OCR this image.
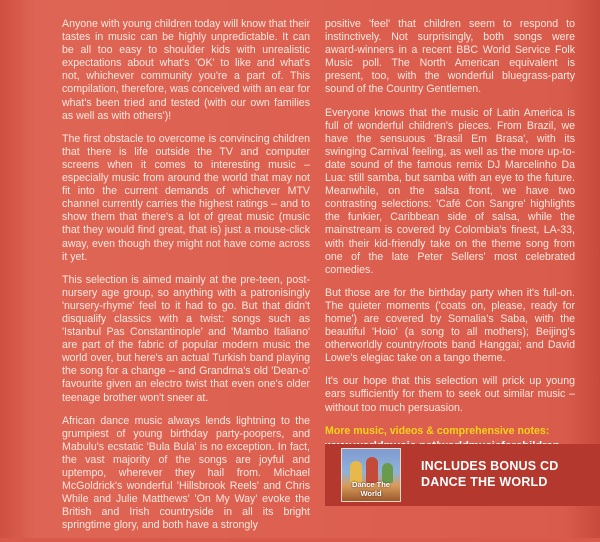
Anyone with young children today will know that their tastes in music can be highly unpredictable. It can be all too easy to shoulder kids with unrealistic expectations about what's 'OK' to like and what's not, whichever community you're a part of. This compilation, therefore, was conceived with an ear for what's been tried and tested (with our own families as well as with others')!

The first obstacle to overcome is convincing children that there is life outside the TV and computer screens when it comes to interesting music – especially music from around the world that may not fit into the current demands of whichever MTV channel currently carries the highest ratings – and to show them that there's a lot of great music (music that they would find great, that is) just a mouse-click away, even though they might not have come across it yet.

This selection is aimed mainly at the pre-teen, post-nursery age group, so anything with a patronisingly 'nursery-rhyme' feel to it had to go. But that didn't disqualify classics with a twist: songs such as 'Istanbul Pas Constantinople' and 'Mambo Italiano' are part of the fabric of popular modern music the world over, but here's an actual Turkish band playing the song for a change – and Grandma's old 'Dean-o' favourite given an electro twist that even one's older teenage brother won't sneer at.

African dance music always lends lightning to the grumpiest of young birthday party-poopers, and Mabulu's ecstatic 'Bula Bula' is no exception. In fact, the vast majority of the songs are joyful and uptempo, wherever they hail from. Michael McGoldrick's wonderful 'Hillsbrook Reels' and Chris While and Julie Matthews' 'On My Way' evoke the British and Irish countryside in all its bright springtime glory, and both have a strongly

positive 'feel' that children seem to respond to instinctively. Not surprisingly, both songs were award-winners in a recent BBC World Service Folk Music poll. The North American equivalent is present, too, with the wonderful bluegrass-party sound of the Country Gentlemen.

Everyone knows that the music of Latin America is full of wonderful children's pieces. From Brazil, we have the sensuous 'Brasil Em Brasa', with its swinging Carnival feeling, as well as the more up-to-date sound of the famous remix DJ Marcelinho Da Lua: still samba, but samba with an eye to the future. Meanwhile, on the salsa front, we have two contrasting selections: 'Café Con Sangre' highlights the funkier, Caribbean side of salsa, while the mainstream is covered by Colombia's finest, LA-33, with their kid-friendly take on the theme song from one of the late Peter Sellers' most celebrated comedies.

But those are for the birthday party when it's full-on. The quieter moments ('coats on, please, ready for home') are covered by Somalia's Saba, with the beautiful 'Hoio' (a song to all mothers); Beijing's otherworldly country/roots band Hanggai; and David Lowe's elegiac take on a tango theme.

It's our hope that this selection will prick up young ears sufficiently for them to seek out similar music – without too much persuasion.

More music, videos & comprehensive notes:
Dance The World
INCLUDES BONUS CD
DANCE THE WORLD
